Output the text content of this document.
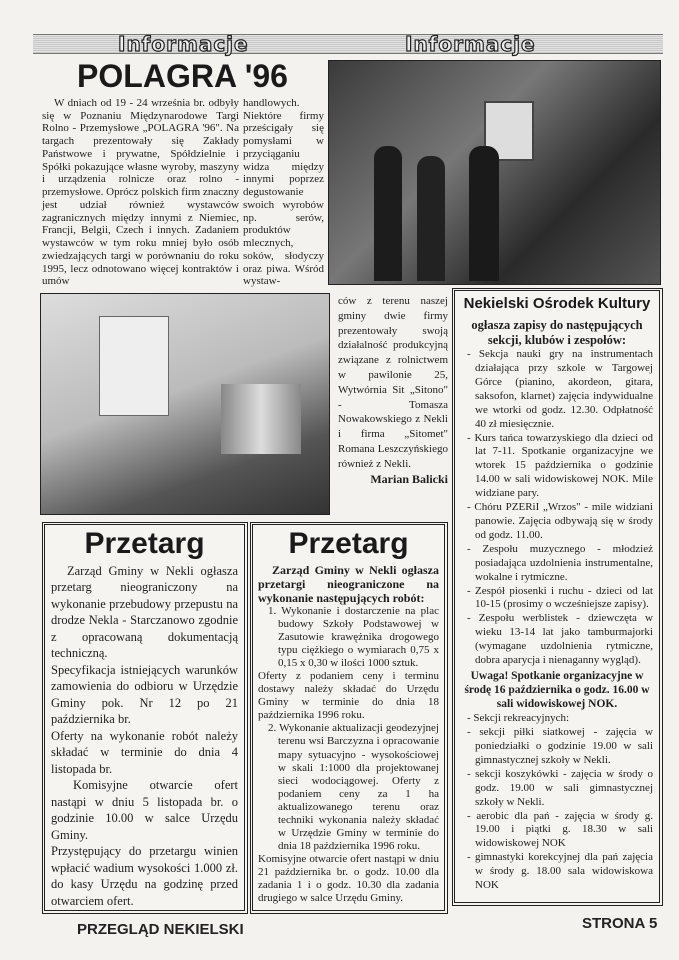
Informacje	Informacje
POLAGRA '96
W dniach od 19 - 24 września br. odbyły się w Poznaniu Międzynarodowe Targi Rolno - Przemysłowe „POLAGRA '96". Na targach prezentowały się Zakłady Państwowe i prywatne, Spółdzielnie i Spółki pokazujące własne wyroby, maszyny i urządzenia rolnicze oraz rolno - przemysłowe. Oprócz polskich firm znaczny jest udział również wystawców zagranicznych między innymi z Niemiec, Francji, Belgii, Czech i innych. Zadaniem wystawców w tym roku mniej było osób zwiedzających targi w porównaniu do roku 1995, lecz odnotowano więcej kontraktów i umów
handlowych. Niektóre firmy prześcigały się pomysłami w przyciąganiu widza między innymi poprzez degustowanie swoich wyrobów np. serów, produktów mlecznych, soków, słodyczy oraz piwa. Wśród wystaw-
ców z terenu naszej gminy dwie firmy prezentowały swoją działalność produkcyjną związane z rolnictwem w pawilonie 25, Wytwórnia Sit „Sitono" - Tomasza Nowakowskiego z Nekli i firma „Sitomet" Romana Leszczyńskiego również z Nekli.
Marian Balicki
Nekielski Ośrodek Kultury
ogłasza zapisy do następujących sekcji, klubów i zespołów:
- Sekcja nauki gry na instrumentach działająca przy szkole w Targowej Górce (pianino, akordeon, gitara, saksofon, klarnet) zajęcia indywidualne we wtorki od godz. 12.30. Odpłatność 40 zł miesięcznie.
- Kurs tańca towarzyskiego dla dzieci od lat 7-11. Spotkanie organizacyjne we wtorek 15 października o godzinie 14.00 w sali widowiskowej NOK. Mile widziane pary.
- Chóru PZERiI „Wrzos" - mile widziani panowie. Zajęcia odbywają się w środy od godz. 11.00.
- Zespołu muzycznego - młodzież posiadająca uzdolnienia instrumentalne, wokalne i rytmiczne.
- Zespół piosenki i ruchu - dzieci od lat 10-15 (prosimy o wcześniejsze zapisy).
- Zespołu werblistek - dziewczęta w wieku 13-14 lat jako tamburmajorki (wymagane uzdolnienia rytmiczne, dobra aparycja i nienaganny wygląd).
Uwaga! Spotkanie organizacyjne w środę 16 października o godz. 16.00 w sali widowiskowej NOK.
- Sekcji rekreacyjnych:
- sekcji piłki siatkowej - zajęcia w poniedziałki o godzinie 19.00 w sali gimnastycznej szkoły w Nekli.
- sekcji koszykówki - zajęcia w środy o godz. 19.00 w sali gimnastycznej szkoły w Nekli.
- aerobic dla pań - zajęcia w środy g. 19.00 i piątki g. 18.30 w sali widowiskowej NOK
- gimnastyki korekcyjnej dla pań zajęcia w środy g. 18.00 sala widowiskowa NOK
Przetarg

Zarząd Gminy w Nekli ogłasza przetarg nieograniczony na wykonanie przebudowy przepustu na drodze Nekla - Starczanowo zgodnie z opracowaną dokumentacją techniczną.

Specyfikacja istniejących warunków zamowienia do odbioru w Urzędzie Gminy pok. Nr 12 po 21 października br.

Oferty na wykonanie robót należy składać w terminie do dnia 4 listopada br.

Komisyjne otwarcie ofert nastąpi w dniu 5 listopada br. o godzinie 10.00 w salce Urzędu Gminy.

Przystępujący do przetargu winien wpłacić wadium wysokości 1.000 zł. do kasy Urzędu na godzinę przed otwarciem ofert.

Przetarg
Zarząd Gminy w Nekli ogłasza przetargi nieograniczone na wykonanie następujących robót:

1. Wykonanie i dostarczenie na plac budowy Szkoły Podstawowej w Zasutowie krawężnika drogowego typu ciężkiego o wymiarach 0,75 x 0,15 x 0,30 w ilości 1000 sztuk.

Oferty z podaniem ceny i terminu dostawy należy składać do Urzędu Gminy w terminie do dnia 18 października 1996 roku.

2. Wykonanie aktualizacji geodezyjnej terenu wsi Barczyzna i opracowanie mapy sytuacyjno - wysokościowej w skali 1:1000 dla projektowanej sieci wodociągowej. Oferty z podaniem ceny za 1 ha aktualizowanego terenu oraz techniki wykonania należy składać w Urzędzie Gminy w terminie do dnia 18 października 1996 roku.

Komisyjne otwarcie ofert nastąpi w dniu 21 października br. o godz. 10.00 dla zadania 1 i o godz. 10.30 dla zadania drugiego w salce Urzędu Gminy.

PRZEGLĄD NEKIELSKI	STRONA 5
